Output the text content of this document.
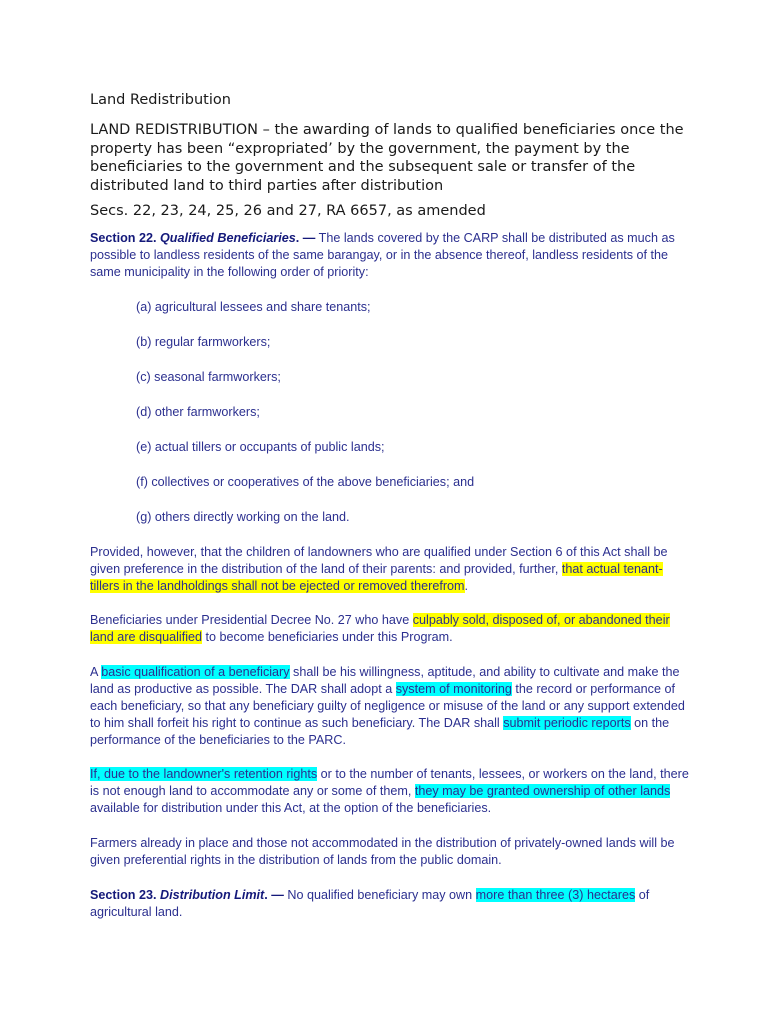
Land Redistribution
LAND REDISTRIBUTION – the awarding of lands to qualified beneficiaries once the property has been “expropriated’ by the government, the payment by the beneficiaries to the government and the subsequent sale or transfer of the distributed land to third parties after distribution
Secs. 22, 23, 24, 25, 26 and 27, RA 6657, as amended

Section 22. Qualified Beneficiaries. — The lands covered by the CARP shall be distributed as much as possible to landless residents of the same barangay, or in the absence thereof, landless residents of the same municipality in the following order of priority:

(a) agricultural lessees and share tenants;

(b) regular farmworkers;

(c) seasonal farmworkers;

(d) other farmworkers;

(e) actual tillers or occupants of public lands;

(f) collectives or cooperatives of the above beneficiaries; and

(g) others directly working on the land.

Provided, however, that the children of landowners who are qualified under Section 6 of this Act shall be given preference in the distribution of the land of their parents: and provided, further, that actual tenant-tillers in the landholdings shall not be ejected or removed therefrom.

Beneficiaries under Presidential Decree No. 27 who have culpably sold, disposed of, or abandoned their land are disqualified to become beneficiaries under this Program.

A basic qualification of a beneficiary shall be his willingness, aptitude, and ability to cultivate and make the land as productive as possible. The DAR shall adopt a system of monitoring the record or performance of each beneficiary, so that any beneficiary guilty of negligence or misuse of the land or any support extended to him shall forfeit his right to continue as such beneficiary. The DAR shall submit periodic reports on the performance of the beneficiaries to the PARC.

If, due to the landowner's retention rights or to the number of tenants, lessees, or workers on the land, there is not enough land to accommodate any or some of them, they may be granted ownership of other lands available for distribution under this Act, at the option of the beneficiaries.

Farmers already in place and those not accommodated in the distribution of privately-owned lands will be given preferential rights in the distribution of lands from the public domain.

Section 23. Distribution Limit. — No qualified beneficiary may own more than three (3) hectares of agricultural land.
